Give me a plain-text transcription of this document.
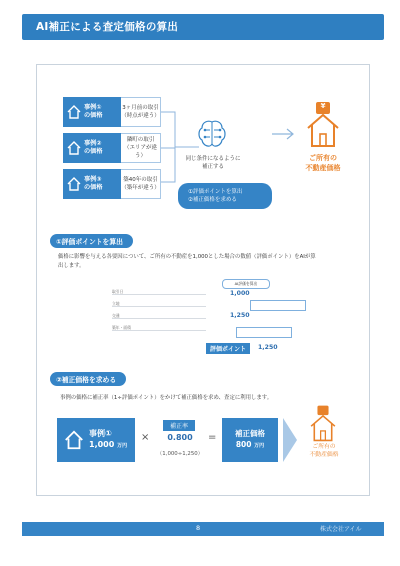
AI補正による査定価格の算出
事例①
の価格
3ヶ月前の取引
（時点が違う）
事例②
の価格
隣町の取引
（エリアが違う）
事例③
の価格
築40年の取引
（築年が違う）
同じ条件になるように
補正する
①評価ポイントを算出
②補正価格を求める
¥
ご所有の
不動産価格
①評価ポイントを算出
価格に影響を与える各要因について、ご所有の不動産を1,000とした場合の数値（評価ポイント）をAIが算
出します。
取引日
立地
交通
築年・面積
AI評価を算出
1,000
1,250
評価ポイント	1,250
②補正価格を求める
事例の価格に補正率（1÷評価ポイント）をかけて補正価格を求め、査定に利用します。
事例①
1,000 万円
×
補正率
0.800
（1,000÷1,250）
= 補正価格
800 万円	ご所有の
不動産価格
8	株式会社アイル
